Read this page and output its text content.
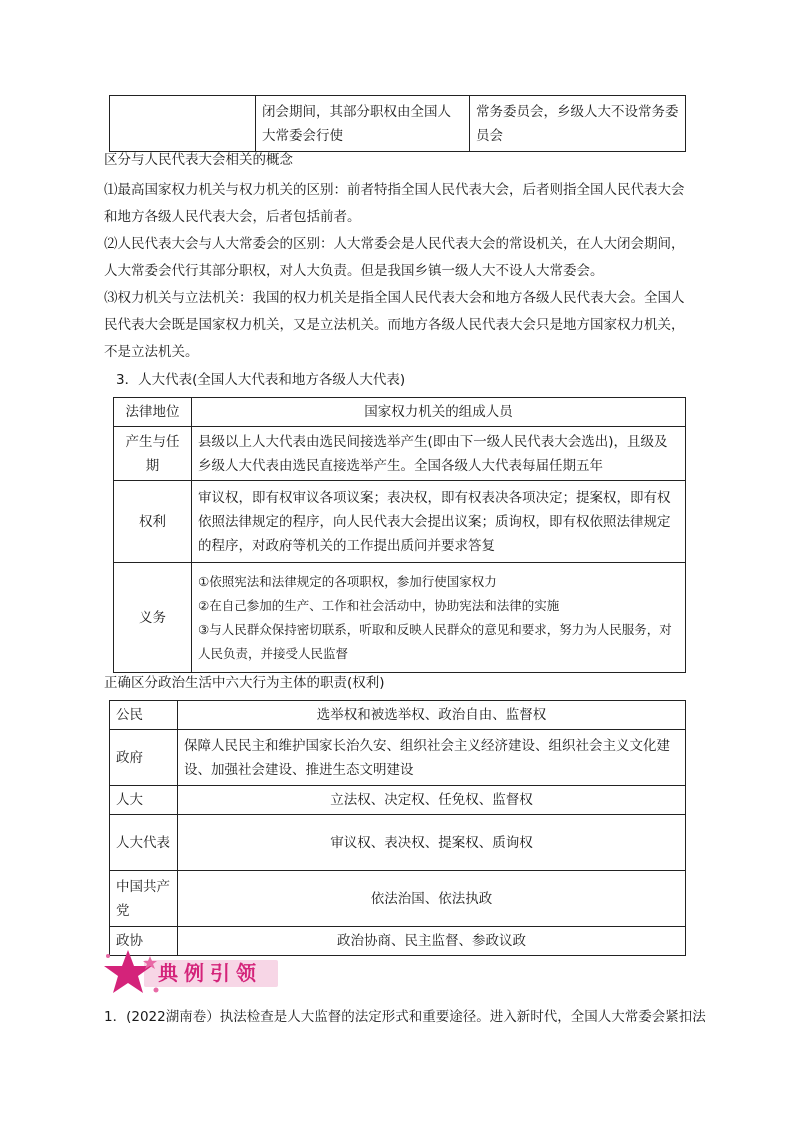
	闭会期间，其部分职权由全国人大常委会行使	常务委员会，乡级人大不设常务委员会
区分与人民代表大会相关的概念
⑴最高国家权力机关与权力机关的区别：前者特指全国人民代表大会，后者则指全国人民代表大会和地方各级人民代表大会，后者包括前者。
⑵人民代表大会与人大常委会的区别：人大常委会是人民代表大会的常设机关，在人大闭会期间，人大常委会代行其部分职权，对人大负责。但是我国乡镇一级人大不设人大常委会。
⑶权力机关与立法机关：我国的权力机关是指全国人民代表大会和地方各级人民代表大会。全国人民代表大会既是国家权力机关，又是立法机关。而地方各级人民代表大会只是地方国家权力机关，不是立法机关。
3．人大代表(全国人大代表和地方各级人大代表)
法律地位	国家权力机关的组成人员
产生与任期	县级以上人大代表由选民间接选举产生(即由下一级人民代表大会选出)，且级及乡级人大代表由选民直接选举产生。全国各级人大代表每届任期五年
权利	审议权，即有权审议各项议案；表决权，即有权表决各项决定；提案权，即有权依照法律规定的程序，向人民代表大会提出议案；质询权，即有权依照法律规定的程序，对政府等机关的工作提出质问并要求答复
义务	①依照宪法和法律规定的各项职权，参加行使国家权力
②在自己参加的生产、工作和社会活动中，协助宪法和法律的实施
③与人民群众保持密切联系，听取和反映人民群众的意见和要求，努力为人民服务，对人民负责，并接受人民监督
正确区分政治生活中六大行为主体的职责(权利)
公民	选举权和被选举权、政治自由、监督权
政府	保障人民民主和维护国家长治久安、组织社会主义经济建设、组织社会主义文化建设、加强社会建设、推进生态文明建设
人大	立法权、决定权、任免权、监督权
人大代表	审议权、表决权、提案权、质询权
中国共产党	依法治国、依法执政
政协	政治协商、民主监督、参政议政
典例引领
1．(2022湖南卷）执法检查是人大监督的法定形式和重要途径。进入新时代，全国人大常委会紧扣法
